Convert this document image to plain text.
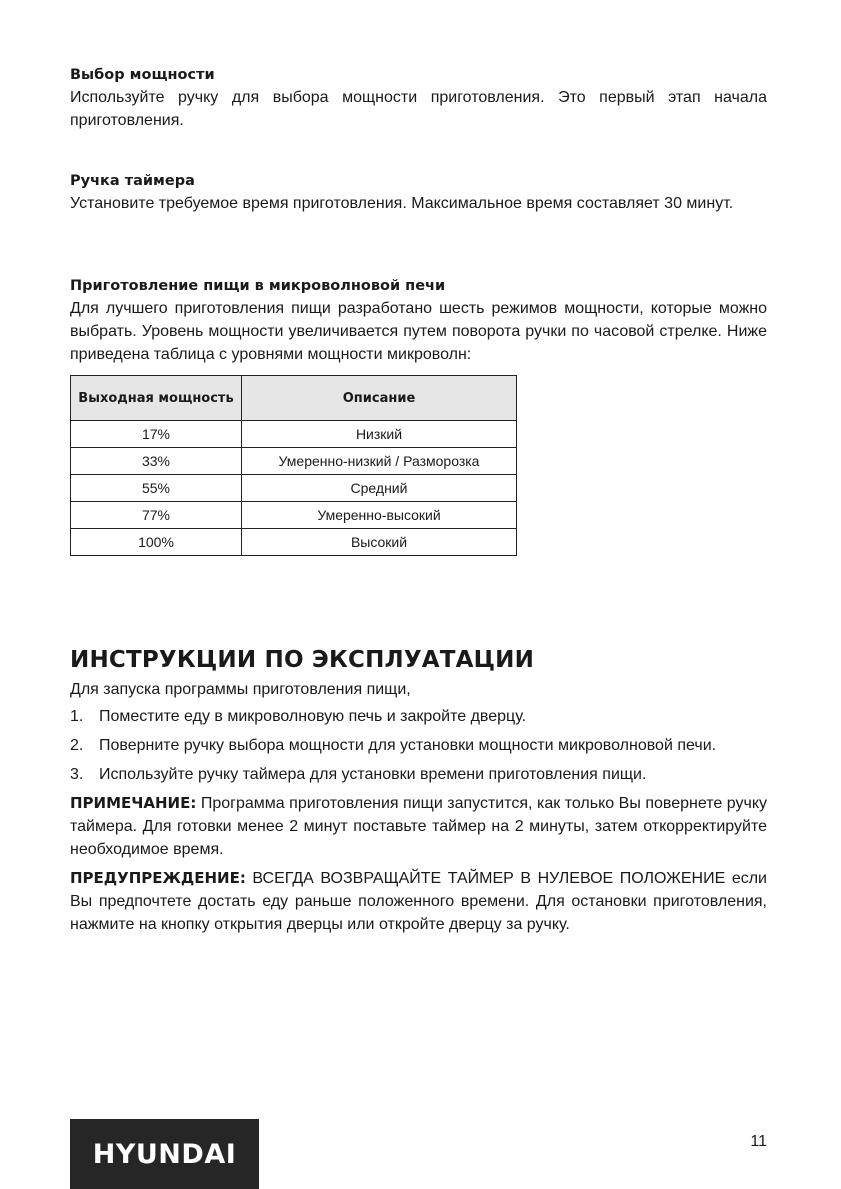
Выбор мощности

Используйте ручку для выбора мощности приготовления. Это первый этап начала приготовления.

Ручка таймера

Установите требуемое время приготовления. Максимальное время составляет 30 минут.

Приготовление пищи в микроволновой печи

Для лучшего приготовления пищи разработано шесть режимов мощности, которые можно выбрать. Уровень мощности увеличивается путем поворота ручки по часовой стрелке. Ниже приведена таблица с уровнями мощности микроволн:

Выходная мощность	Описание
17%	Низкий
33%	Умеренно-низкий / Разморозка
55%	Средний
77%	Умеренно-высокий
100%	Высокий
ИНСТРУКЦИИ ПО ЭКСПЛУАТАЦИИ

Для запуска программы приготовления пищи,

1. Поместите еду в микроволновую печь и закройте дверцу.
2. Поверните ручку выбора мощности для установки мощности микроволновой печи.
3. Используйте ручку таймера для установки времени приготовления пищи.

ПРИМЕЧАНИЕ: Программа приготовления пищи запустится, как только Вы повернете ручку таймера. Для готовки менее 2 минут поставьте таймер на 2 минуты, затем откорректируйте необходимое время.

ПРЕДУПРЕЖДЕНИЕ: ВСЕГДА ВОЗВРАЩАЙТЕ ТАЙМЕР В НУЛЕВОЕ ПОЛОЖЕНИЕ если Вы предпочтете достать еду раньше положенного времени. Для остановки приготовления, нажмите на кнопку открытия дверцы или откройте дверцу за ручку.

HYUNDAI	11
